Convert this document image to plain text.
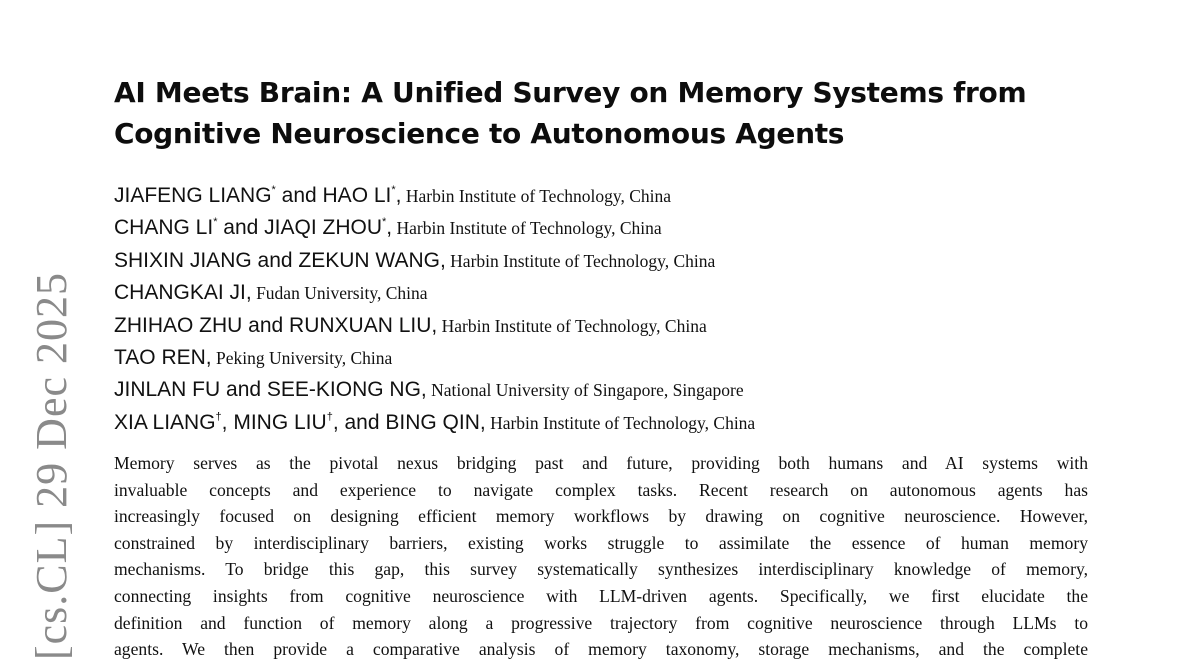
[cs.CL] 29 Dec 2025
AI Meets Brain: A Unified Survey on Memory Systems from
Cognitive Neuroscience to Autonomous Agents
JIAFENG LIANG* and HAO LI*, Harbin Institute of Technology, China
CHANG LI* and JIAQI ZHOU*, Harbin Institute of Technology, China
SHIXIN JIANG and ZEKUN WANG, Harbin Institute of Technology, China
CHANGKAI JI, Fudan University, China
ZHIHAO ZHU and RUNXUAN LIU, Harbin Institute of Technology, China
TAO REN, Peking University, China
JINLAN FU and SEE-KIONG NG, National University of Singapore, Singapore
XIA LIANG†, MING LIU†, and BING QIN, Harbin Institute of Technology, China
Memory serves as the pivotal nexus bridging past and future, providing both humans and AI systems with
invaluable concepts and experience to navigate complex tasks. Recent research on autonomous agents has
increasingly focused on designing efficient memory workflows by drawing on cognitive neuroscience. However,
constrained by interdisciplinary barriers, existing works struggle to assimilate the essence of human memory
mechanisms. To bridge this gap, this survey systematically synthesizes interdisciplinary knowledge of memory,
connecting insights from cognitive neuroscience with LLM-driven agents. Specifically, we first elucidate the
definition and function of memory along a progressive trajectory from cognitive neuroscience through LLMs to
agents. We then provide a comparative analysis of memory taxonomy, storage mechanisms, and the complete
